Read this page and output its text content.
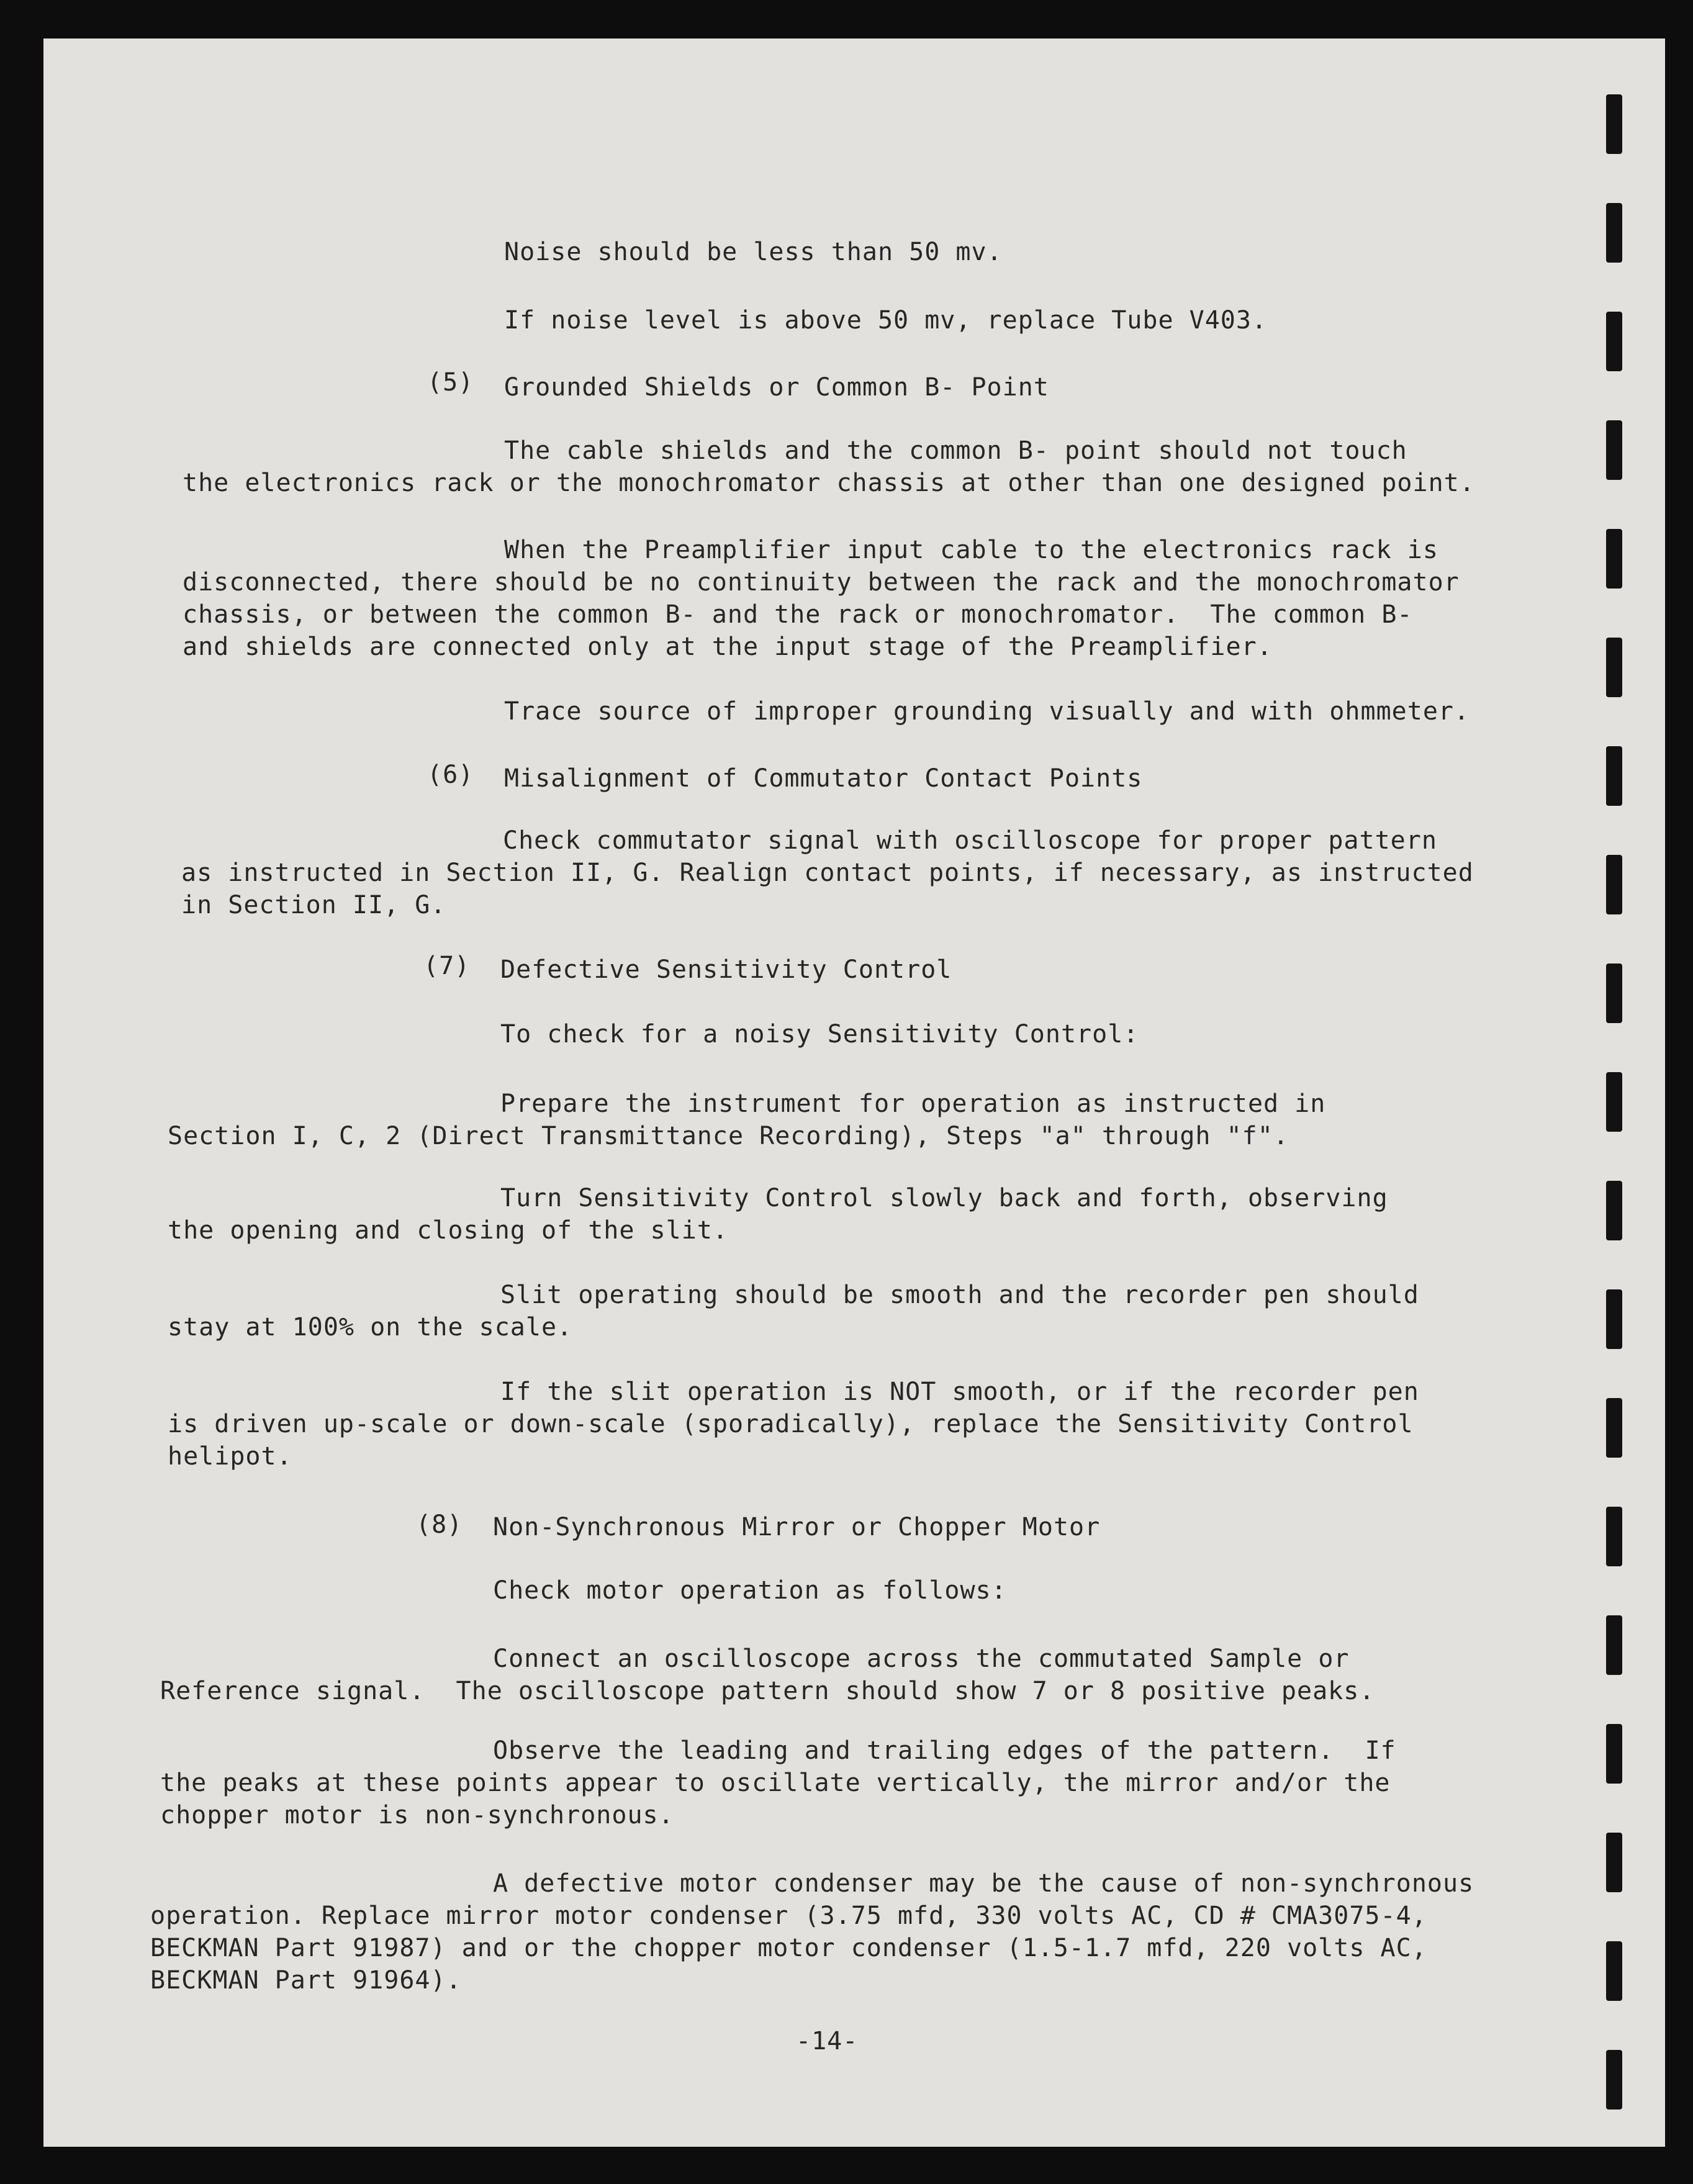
Noise should be less than 50 mv.

If noise level is above 50 mv, replace Tube V403.

(5) Grounded Shields or Common B- Point

The cable shields and the common B- point should not touch
the electronics rack or the monochromator chassis at other than one designed point.

When the Preamplifier input cable to the electronics rack is
disconnected, there should be no continuity between the rack and the monochromator
chassis, or between the common B- and the rack or monochromator.  The common B-
and shields are connected only at the input stage of the Preamplifier.

Trace source of improper grounding visually and with ohmmeter.

(6) Misalignment of Commutator Contact Points

Check commutator signal with oscilloscope for proper pattern
as instructed in Section II, G. Realign contact points, if necessary, as instructed
in Section II, G.

(7) Defective Sensitivity Control

To check for a noisy Sensitivity Control:

Prepare the instrument for operation as instructed in
Section I, C, 2 (Direct Transmittance Recording), Steps "a" through "f".

Turn Sensitivity Control slowly back and forth, observing
the opening and closing of the slit.

Slit operating should be smooth and the recorder pen should
stay at 100% on the scale.

If the slit operation is NOT smooth, or if the recorder pen
is driven up-scale or down-scale (sporadically), replace the Sensitivity Control
helipot.

(8) Non-Synchronous Mirror or Chopper Motor

Check motor operation as follows:

Connect an oscilloscope across the commutated Sample or
Reference signal.  The oscilloscope pattern should show 7 or 8 positive peaks.

Observe the leading and trailing edges of the pattern.  If
the peaks at these points appear to oscillate vertically, the mirror and/or the
chopper motor is non-synchronous.

A defective motor condenser may be the cause of non-synchronous
operation. Replace mirror motor condenser (3.75 mfd, 330 volts AC, CD # CMA3075-4,
BECKMAN Part 91987) and or the chopper motor condenser (1.5-1.7 mfd, 220 volts AC,
BECKMAN Part 91964).

-14-
